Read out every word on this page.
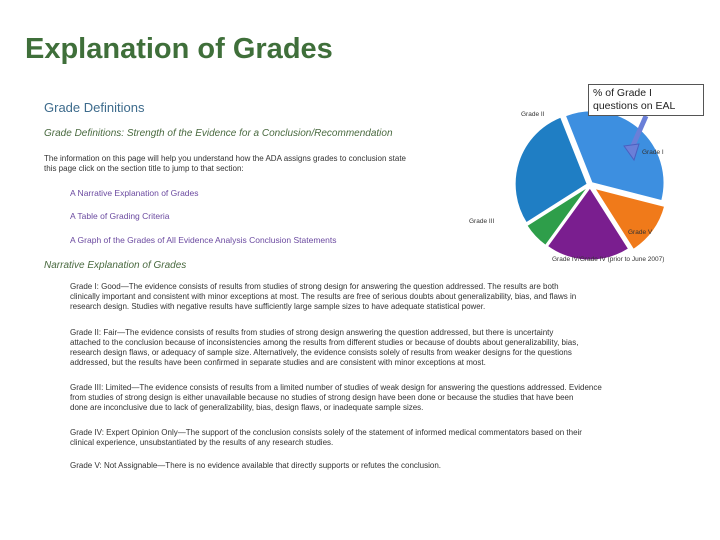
Explanation of Grades
Grade Definitions
Grade Definitions: Strength of the Evidence for a Conclusion/Recommendation
The information on this page will help you understand how the ADA assigns grades to conclusion state
this page click on the section title to jump to that section:
A Narrative Explanation of Grades
A Table of Grading Criteria
A Graph of the Grades of All Evidence Analysis Conclusion Statements
Narrative Explanation of Grades
Grade I: Good—The evidence consists of results from studies of strong design for answering the question addressed. The results are both
clinically important and consistent with minor exceptions at most. The results are free of serious doubts about generalizability, bias, and flaws in
research design. Studies with negative results have sufficiently large sample sizes to have adequate statistical power.
Grade II: Fair—The evidence consists of results from studies of strong design answering the question addressed, but there is uncertainty
attached to the conclusion because of inconsistencies among the results from different studies or because of doubts about generalizability, bias,
research design flaws, or adequacy of sample size. Alternatively, the evidence consists solely of results from weaker designs for the questions
addressed, but the results have been confirmed in separate studies and are consistent with minor exceptions at most.
Grade III: Limited—The evidence consists of results from a limited number of studies of weak design for answering the questions addressed. Evidence
from studies of strong design is either unavailable because no studies of strong design have been done or because the studies that have been
done are inconclusive due to lack of generalizability, bias, design flaws, or inadequate sample sizes.
Grade IV: Expert Opinion Only—The support of the conclusion consists solely of the statement of informed medical commentators based on their
clinical experience, unsubstantiated by the results of any research studies.
Grade V: Not Assignable—There is no evidence available that directly supports or refutes the conclusion.
Grade II
Grade I
Grade III
Grade V
Grade IV/Grade IV (prior to June 2007)
% of Grade I
questions on EAL
